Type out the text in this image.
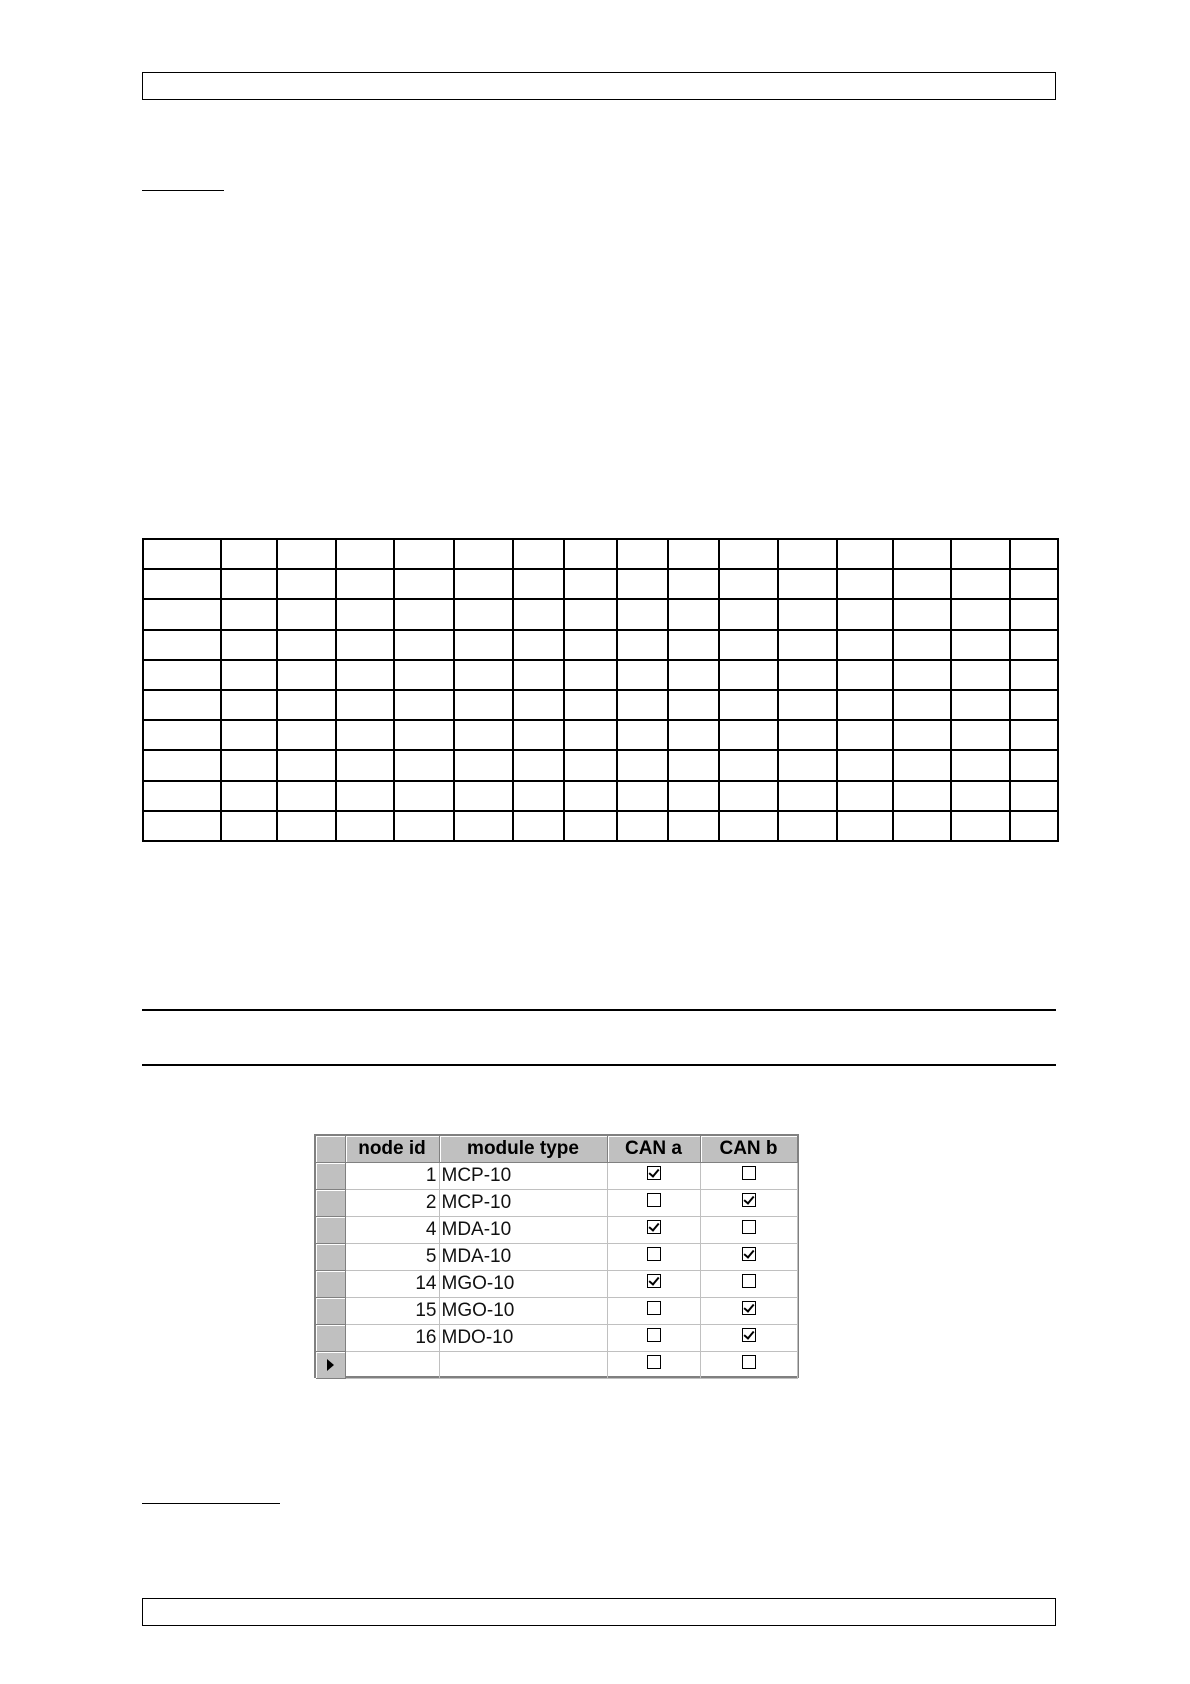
	node id	module type	CAN a	CAN b
	1	MCP-10		
	2	MCP-10		
	4	MDA-10		
	5	MDA-10		
	14	MGO-10		
	15	MGO-10		
	16	MDO-10		
